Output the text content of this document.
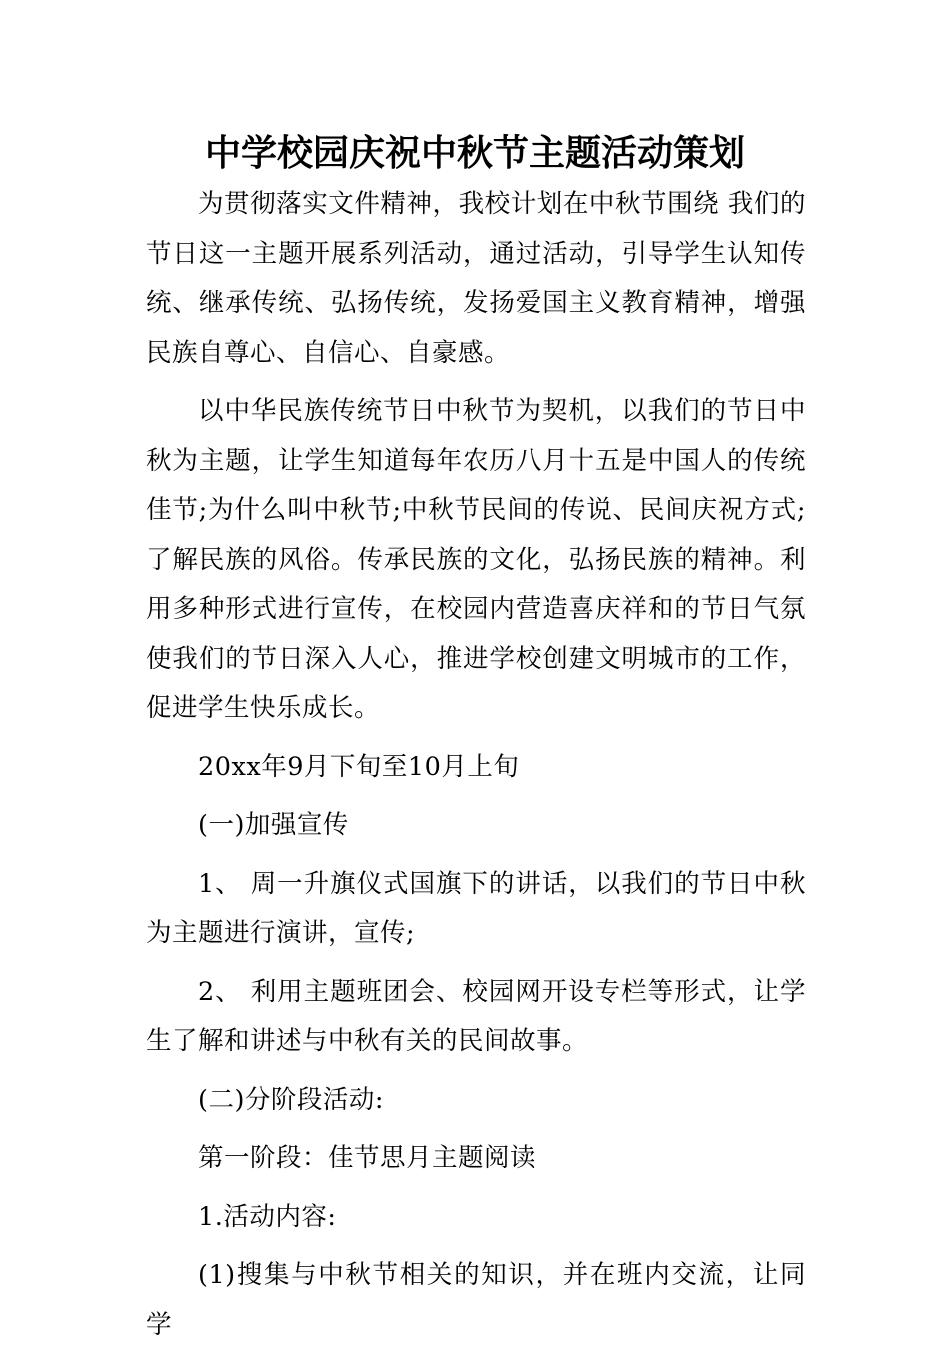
中学校园庆祝中秋节主题活动策划

为贯彻落实文件精神，我校计划在中秋节围绕 我们的节日这一主题开展系列活动，通过活动，引导学生认知传统、继承传统、弘扬传统，发扬爱国主义教育精神，增强民族自尊心、自信心、自豪感。

以中华民族传统节日中秋节为契机，以我们的节日中秋为主题，让学生知道每年农历八月十五是中国人的传统佳节;为什么叫中秋节;中秋节民间的传说、民间庆祝方式;了解民族的风俗。传承民族的文化，弘扬民族的精神。利用多种形式进行宣传，在校园内营造喜庆祥和的节日气氛使我们的节日深入人心，推进学校创建文明城市的工作，促进学生快乐成长。

20xx年9月下旬至10月上旬

(一)加强宣传

1、 周一升旗仪式国旗下的讲话，以我们的节日中秋为主题进行演讲，宣传;

2、 利用主题班团会、校园网开设专栏等形式，让学生了解和讲述与中秋有关的民间故事。

(二)分阶段活动:

第一阶段：佳节思月主题阅读

1.活动内容:

(1)搜集与中秋节相关的知识，并在班内交流，让同学
